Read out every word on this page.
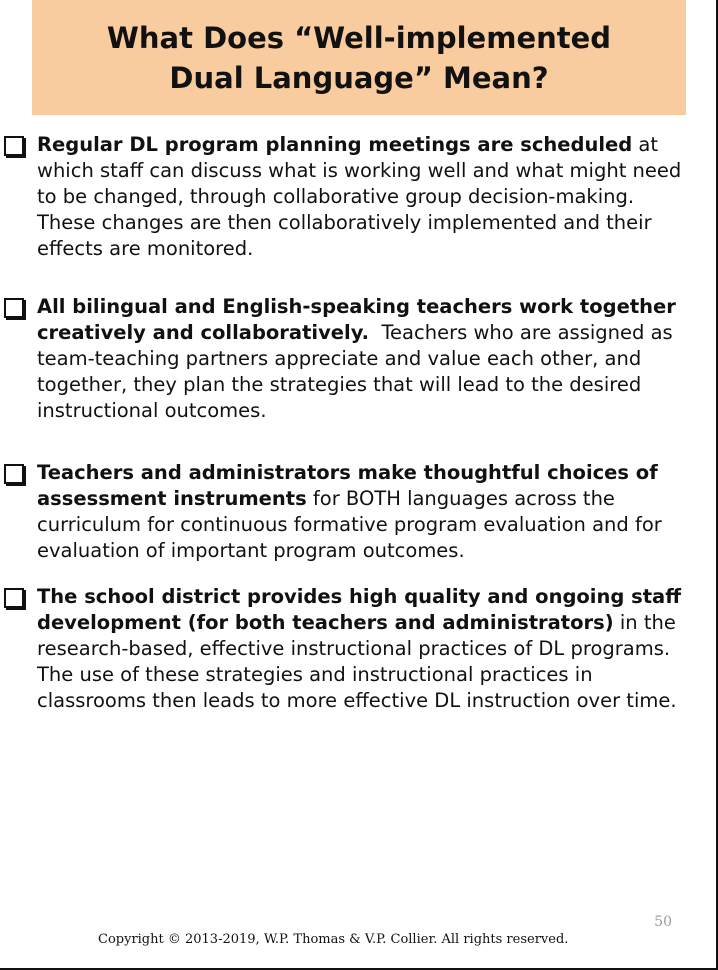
What Does “Well-implemented
Dual Language” Mean?
Regular DL program planning meetings are scheduled at which staff can discuss what is working well and what might need to be changed, through collaborative group decision-making. These changes are then collaboratively implemented and their effects are monitored.
All bilingual and English-speaking teachers work together creatively and collaboratively.  Teachers who are assigned as team-teaching partners appreciate and value each other, and together, they plan the strategies that will lead to the desired instructional outcomes.
Teachers and administrators make thoughtful choices of assessment instruments for BOTH languages across the curriculum for continuous formative program evaluation and for evaluation of important program outcomes.
The school district provides high quality and ongoing staff development (for both teachers and administrators) in the research-based, effective instructional practices of DL programs. The use of these strategies and instructional practices in classrooms then leads to more effective DL instruction over time.
50
Copyright © 2013-2019, W.P. Thomas & V.P. Collier. All rights reserved.
